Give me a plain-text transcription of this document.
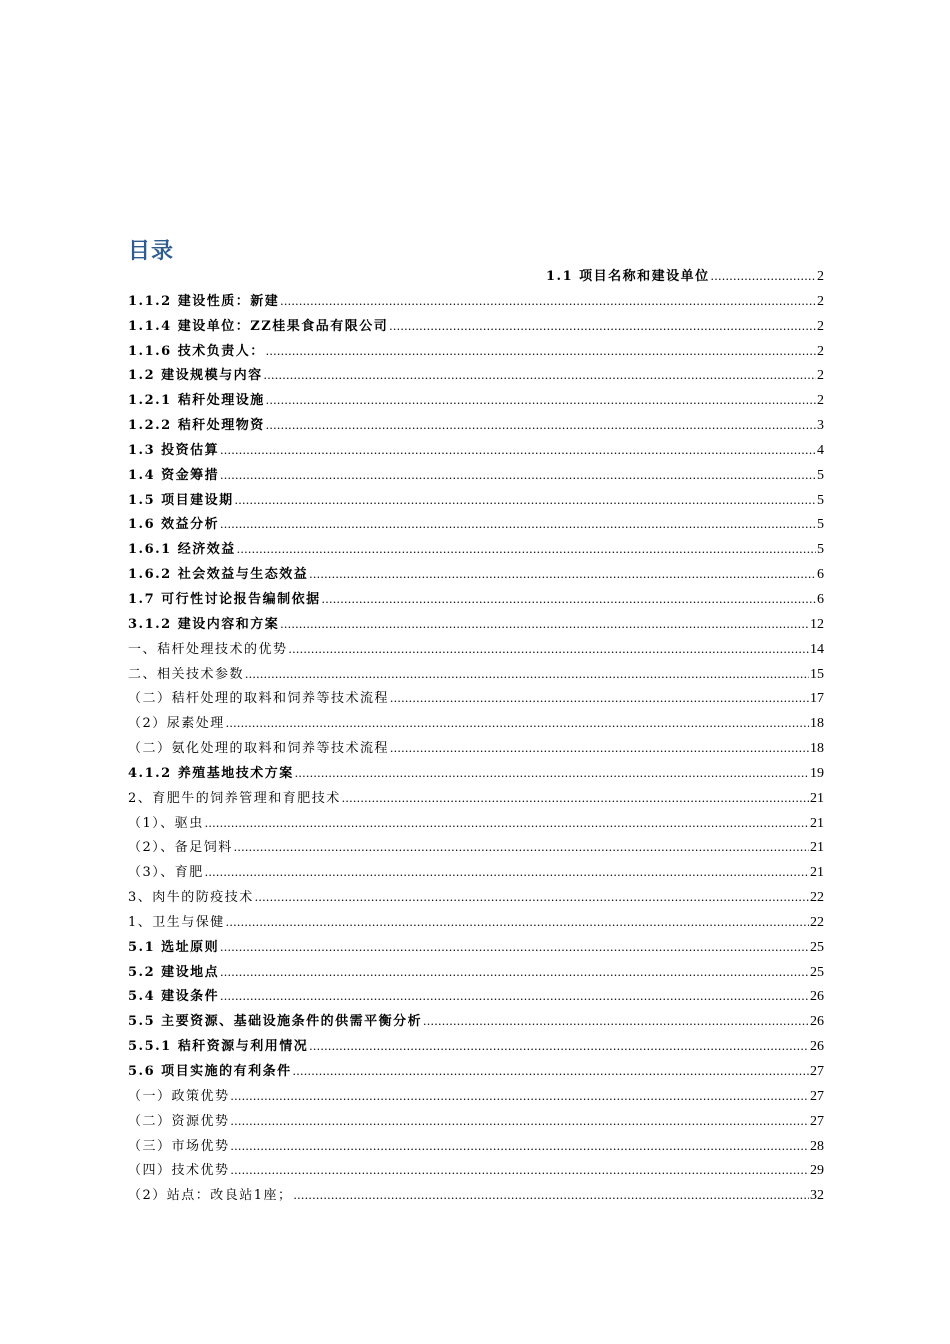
目录
1.1 项目名称和建设单位 .....	2
1.1.2 建设性质：新建 .....	2
1.1.4 建设单位：ZZ桂果食品有限公司 .....	2
1.1.6 技术负责人： .....	2
1.2 建设规模与内容 .....	2
1.2.1 秸秆处理设施 .....	2
1.2.2 秸秆处理物资 .....	3
1.3 投资估算 .....	4
1.4 资金筹措 .....	5
1.5 项目建设期 .....	5
1.6 效益分析 .....	5
1.6.1 经济效益 .....	5
1.6.2 社会效益与生态效益 .....	6
1.7 可行性讨论报告编制依据 .....	6
3.1.2 建设内容和方案 .....	12
一、秸杆处理技术的优势 .....	14
二、相关技术参数 .....	15
（二）秸杆处理的取料和饲养等技术流程 .....	17
（2）尿素处理 .....	18
（二）氨化处理的取料和饲养等技术流程 .....	18
4.1.2 养殖基地技术方案 .....	19
2、育肥牛的饲养管理和育肥技术 .....	21
（1）、驱虫 .....	21
（2）、备足饲料 .....	21
（3）、育肥 .....	21
3、肉牛的防疫技术 .....	22
1、卫生与保健 .....	22
5.1 选址原则 .....	25
5.2 建设地点 .....	25
5.4 建设条件 .....	26
5.5 主要资源、基础设施条件的供需平衡分析 .....	26
5.5.1 秸秆资源与利用情况 .....	26
5.6 项目实施的有利条件 .....	27
（一）政策优势 .....	27
（二）资源优势 .....	27
（三）市场优势 .....	28
（四）技术优势 .....	29
（2）站点：改良站1座； .....	32
